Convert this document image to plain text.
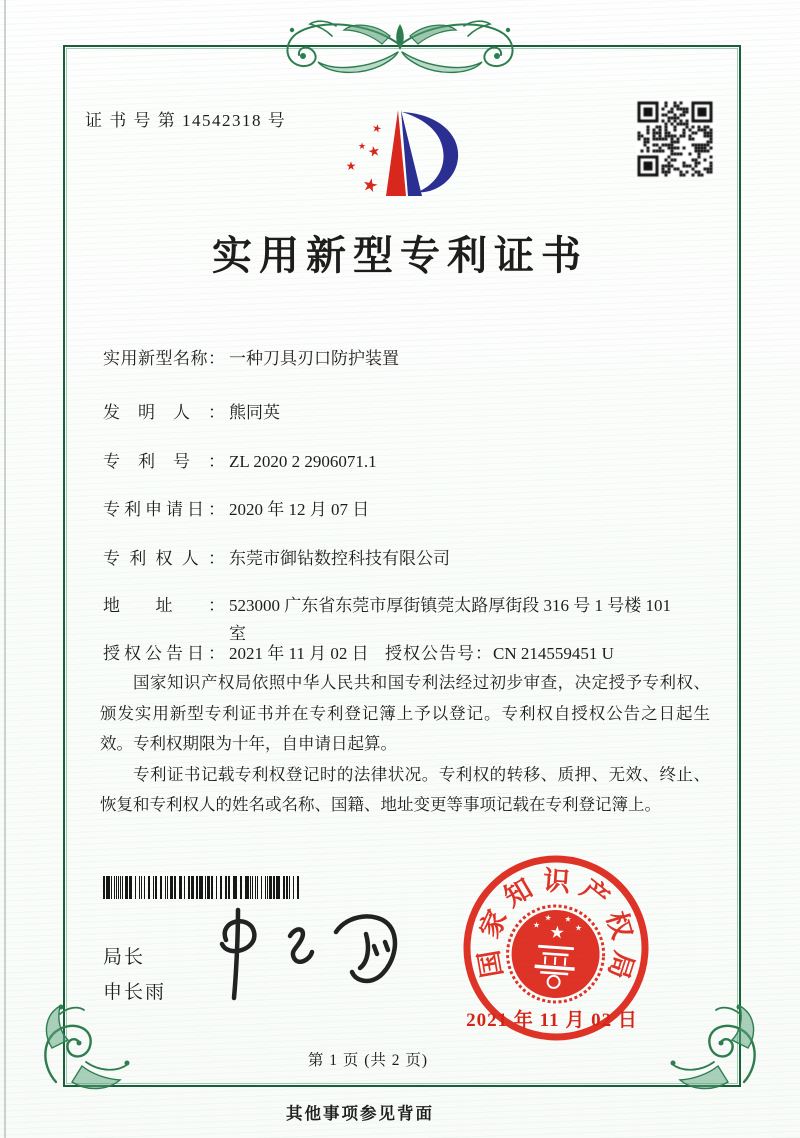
证 书 号 第 14542318 号	★
★ ★
★
★
实用新型专利证书
实用新型名称： 一种刀具刃口防护装置
发明人： 熊同英
专利号： ZL 2020 2 2906071.1
专利申请日： 2020 年 12 月 07 日
专利权人： 东莞市御钻数控科技有限公司
地址： 523000 广东省东莞市厚街镇莞太路厚街段 316 号 1 号楼 101 室
授权公告日： 2021 年 11 月 02 日 授权公告号：CN 214559451 U

国家知识产权局依照中华人民共和国专利法经过初步审查，决定授予专利权、颁发实用新型专利证书并在专利登记簿上予以登记。专利权自授权公告之日起生效。专利权期限为十年，自申请日起算。

专利证书记载专利权登记时的法律状况。专利权的转移、质押、无效、终止、恢复和专利权人的姓名或名称、国籍、地址变更等事项记载在专利登记簿上。

局长
申长雨
国家知识产权局
★
★
★ ★
★
2021 年 11 月 02 日
第 1 页 (共 2 页)
其他事项参见背面
